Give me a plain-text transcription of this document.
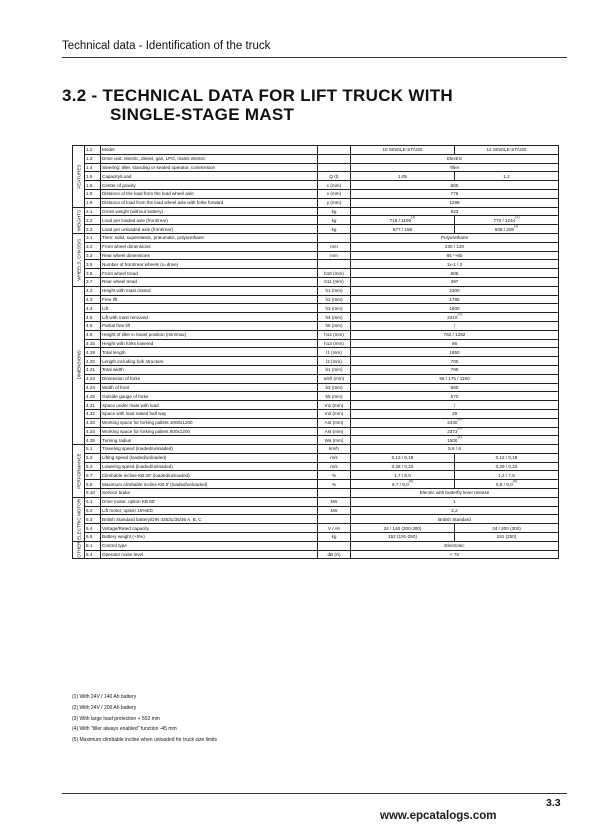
Technical data - Identification of the truck
3.2 - TECHNICAL DATA FOR LIFT TRUCK WITH
SINGLE-STAGE MAST
FEATURES	1.2	Model		10 SINGLE-STAGE	12 SINGLE-STAGE
	1.3	Drive unit: electric, diesel, gas, LPG, mains electric		Electric	
	1.4	Steering: tiller, standing or seated operator, commission		Tiller	
	1.5	Capacity/Load	Q (t)	1,05	1,2
	1.6	Center of gravity	c (mm)	600	
	1.8	Distance of the load from the load wheel axle	x (mm)	776	
	1.9	Distance of load from the load wheel axle with forks forward	y (mm)	1298	
WEIGHTS	2.1	Gross weight (without battery)	kg	623	
	2.2	Load per loaded axle (front/rear)	kg	718 / 1106$^{(1)}$	770 / 1244$^{(1)}$
	2.3	Load per unloaded axle (front/rear)	kg	577 / 158	608 / 205$^{(1)}$
WHEELS, CHASSIS	3.1	Tires: solid, superelastic, pneumatic, polyurethane		Polyurethane	
	3.2	Front wheel dimensions	mm	230 / 120	
	3.3	Rear wheel dimensions	mm	85 *+60	
	3.5	Number of front/rear wheels (x=drive)		1x-1 / 2	
	3.6	Front wheel tread	b10 (mm)	505	
	3.7	Rear wheel tread	b11 (mm)	397	
DIMENSIONS	4.2	Height with mast closed	h1 (mm)	2300	
	4.3	Free lift	h2 (mm)	1789	
	4.4	Lift	h3 (mm)	1800	
	4.5	Lift with mast removed	h4 (mm)	2310$^{(3)}$
	4.6	Partial free lift	h5 (mm)	/	
	4.9	Height of tiller in travel position (min/max)	h14 (mm)	762 / 1292	
	4.15	Height with forks lowered	h13 (mm)	86	
	4.19	Total length	l1 (mm)	1850	
	4.20	Length including fork structure	l2 (mm)	700	
	4.21	Total width	b1 (mm)	790	
	4.22	Dimension of forks	s/e/l (mm)	56 / 175 / 1150	
	4.24	Width of front	b3 (mm)	660	
	4.25	Outside gauge of forks	b5 (mm)	570	
	4.31	Space under mast with load	m1 (mm)	/	
	4.32	Space with load raised half way	m2 (mm)	29	
	4.33	Working space for forking pallets 1000x1200	Ast (mm)	2430$^{(4)}$
	4.34	Working space for forking pallets 800x1200	Ast (mm)	2373$^{(4)}$
	4.35	Turning radius	Wa (mm)	1500$^{(4)}$
PERFORMANCE	5.1	Traveling speed (loaded/unloaded)	km/h	5,6 / 6	
	5.2	Lifting speed (loaded/unloaded)	m/s	0,13 / 0,18	0,12 / 0,18
	5.3	Lowering speed (loaded/unloaded)	m/s	0,28 / 0,22	0,29 / 0,22
	5.7	Climbable incline KB 30' (loaded/unloaded)	%	1,7 / 8,0	1,2 / 7,5
	5.8	Maximum climbable incline KB 5' (loaded/unloaded)	%	6,7 / 9,0$^{(5)}$	5,8 / 9,0$^{(5)}$
	5.10	Service brake		Electric with butterfly lever release	
ELECTRIC MOTOR	6.1	Drive motor, option KB 60'	kW	1	
	6.2	Lift motor, option 15%ED	kW	2,2	
	6.3	British Standard battery/DIN 43531/35/36 A, B, C		British Standard	
	6.4	Voltage/Rated capacity	V / Ah	24 / 140 (200-300)	24 / 200 (300)
	6.5	Battery weight (+5%)	kg	152 (191-250)	191 (250)
OTHER	8.1	Control type		Electronic	
	8.4	Operator noise level	dB (A)	< 70	
(1) With 24V / 140 Ah battery
(2) With 24V / 200 Ah battery
(3) With large load protection + 502 mm
(4) With "tiller always enabled" function -45 mm
(5) Maximum climbable incline when unloaded for truck size limits
www.epcatalogs.com
3.3
